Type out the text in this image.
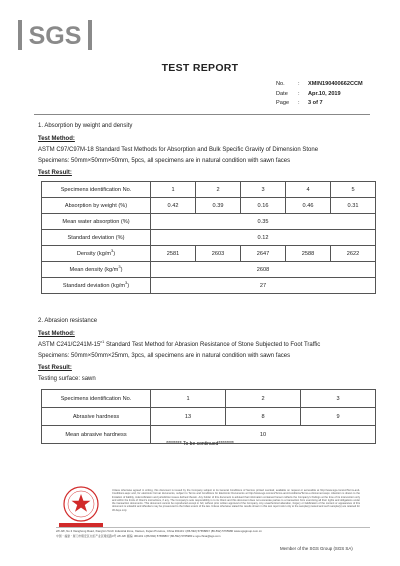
SGS
TEST REPORT
No.	:	XMIN190400662CCM
Date	:	Apr.10, 2019
Page	:	3 of 7
1. Absorption by weight and density
Test Method:
ASTM C97/C97M-18 Standard Test Methods for Absorption and Bulk Specific Gravity of Dimension Stone
Specimens: 50mm×50mm×50mm, 5pcs, all specimens are in natural condition with sawn faces
Test Result:
Specimens identification No.	1	2	3	4	5
Absorption by weight (%)	0.42	0.39	0.16	0.46	0.31
Mean water absorption (%)	0.35				
Standard deviation (%)	0.12				
Density $(kg/m^3)$	2581	2603	2647	2588	2622
Mean density $(kg/m^3)$	2608				
Standard deviation $(kg/m^3)$	27				
2. Abrasion resistance
Test Method:
ASTM $C241/C241M-15^{\varepsilon 1}$ Standard Test Method for Abrasion Resistance of Stone Subjected to Foot Traffic
Specimens: 50mm×50mm×25mm, 3pcs, all specimens are in natural condition with sawn faces
Test Result:
Testing surface: sawn
Specimens identification No.	1	2	3
Abrasive hardness	13	8	9
Mean abrasive hardness	10		
******** To be continued********
Unless otherwise agreed in writing, this document is issued by the Company subject to its General Conditions of Service printed overleaf, available on request or accessible at http://www.sgs.com/en/Terms-and-Conditions.aspx and, for electronic format documents, subject to Terms and Conditions for Electronic Documents at http://www.sgs.com/en/Terms-and-Conditions/Terms-e-Document.aspx. Attention is drawn to the limitation of liability, indemnification and jurisdiction issues defined therein. Any holder of this document is advised that information contained hereon reflects the Company's findings at the time of its intervention only and within the limits of Client's instructions, if any. The Company's sole responsibility is to its Client and this document does not exonerate parties to a transaction from exercising all their rights and obligations under the transaction documents. This document cannot be reproduced except in full, without prior written approval of the Company. Any unauthorized alteration, forgery or falsification of the content or appearance of this document is unlawful and offenders may be prosecuted to the fullest extent of the law. Unless otherwise stated the results shown in this test report refer only to the sample(s) tested and such sample(s) are retained for 30 days only.
2/F-9/F, No.3 Xianghong Road, Xiang'An Torch Industrial Zone, Xiamen, Fujian Province, China 361101 t (86-592) 5765880 f (86-592) 5765980 www.sgsgroup.com.cn
中国・福建・厦门市翔安区火炬产业区翔虹路3号 2/F-9/F 邮编: 361101 t (86-592) 5765880 f (86-592) 5765980 e sgs.china@sgs.com
Member of the SGS Group (SGS SA)
